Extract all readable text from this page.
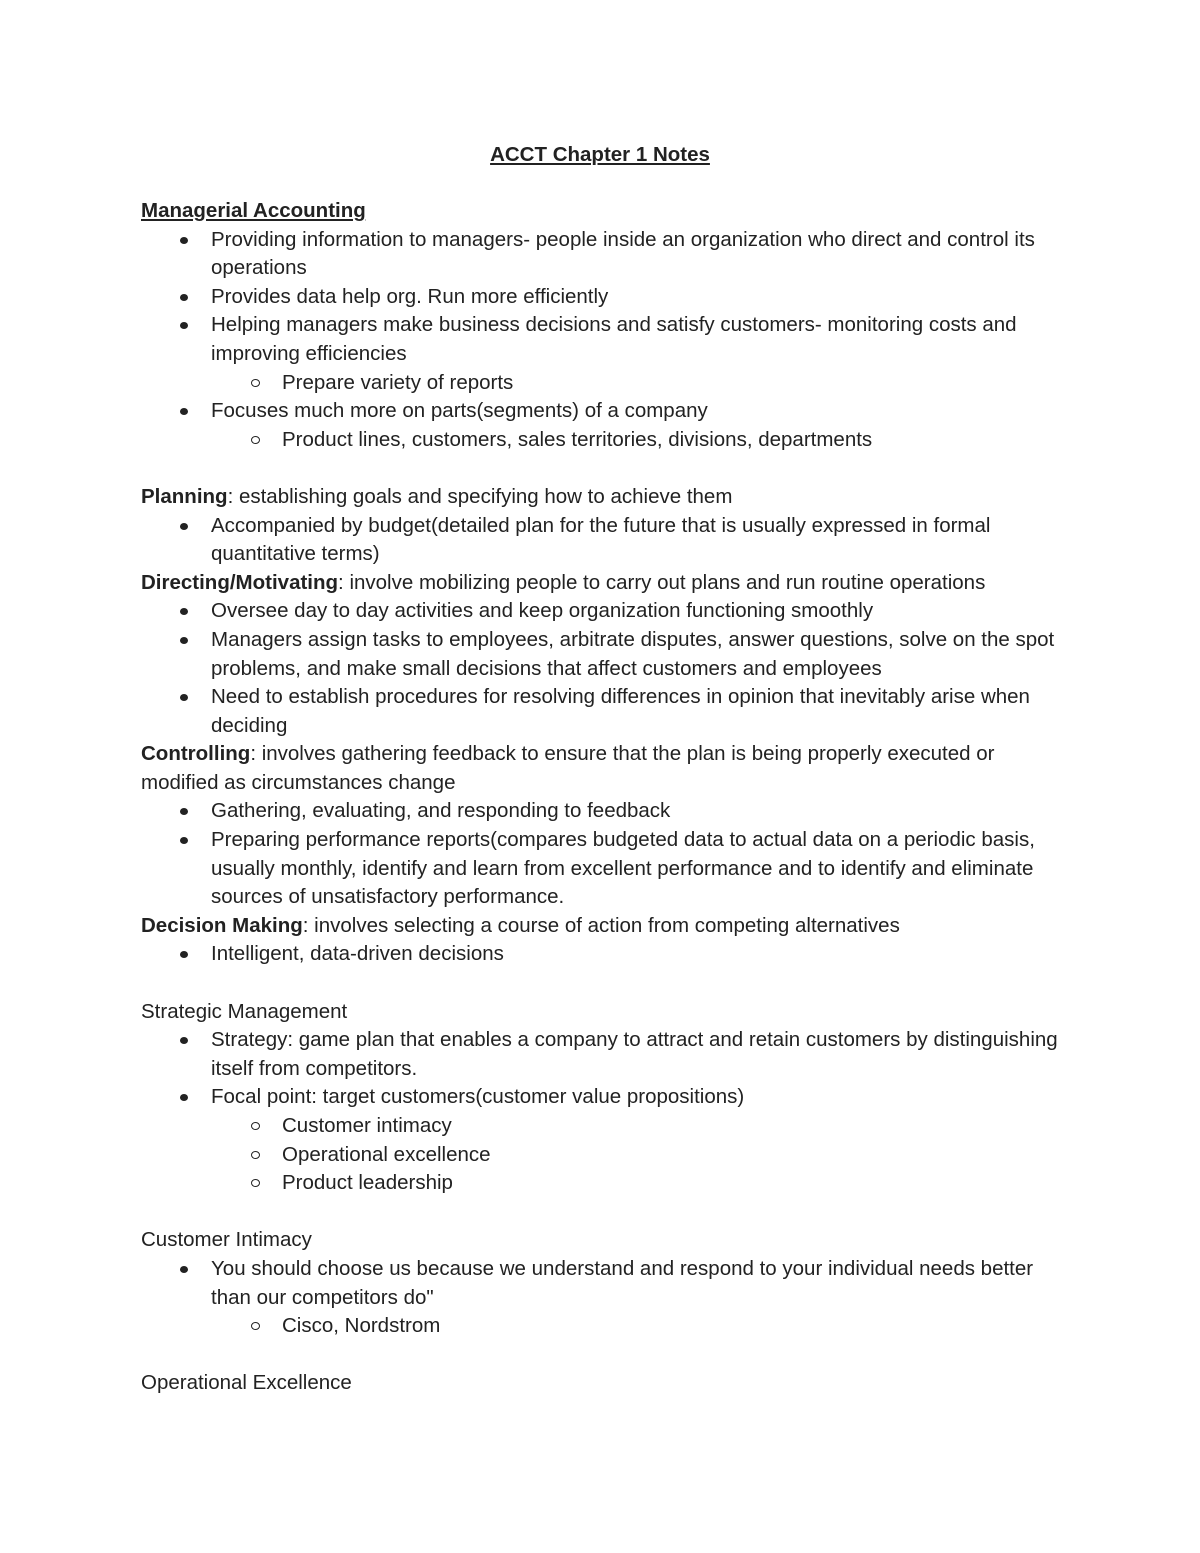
ACCT Chapter 1 Notes
Managerial Accounting
Providing information to managers- people inside an organization who direct and control its operations
Provides data help org. Run more efficiently
Helping managers make business decisions and satisfy customers- monitoring costs and improving efficiencies
Prepare variety of reports
Focuses much more on parts(segments) of a company
Product lines, customers, sales territories, divisions, departments
Planning: establishing goals and specifying how to achieve them
Accompanied by budget(detailed plan for the future that is usually expressed in formal quantitative terms)
Directing/Motivating: involve mobilizing people to carry out plans and run routine operations
Oversee day to day activities and keep organization functioning smoothly
Managers assign tasks to employees, arbitrate disputes, answer questions, solve on the spot problems, and make small decisions that affect customers and employees
Need to establish procedures for resolving differences in opinion that inevitably arise when deciding
Controlling: involves gathering feedback to ensure that the plan is being properly executed or modified as circumstances change
Gathering, evaluating, and responding to feedback
Preparing performance reports(compares budgeted data to actual data on a periodic basis, usually monthly, identify and learn from excellent performance and to identify and eliminate sources of unsatisfactory performance.
Decision Making: involves selecting a course of action from competing alternatives
Intelligent, data-driven decisions
Strategic Management
Strategy: game plan that enables a company to attract and retain customers by distinguishing itself from competitors.
Focal point: target customers(customer value propositions)
Customer intimacy
Operational excellence
Product leadership
Customer Intimacy
You should choose us because we understand and respond to your individual needs better than our competitors do"
Cisco, Nordstrom
Operational Excellence
